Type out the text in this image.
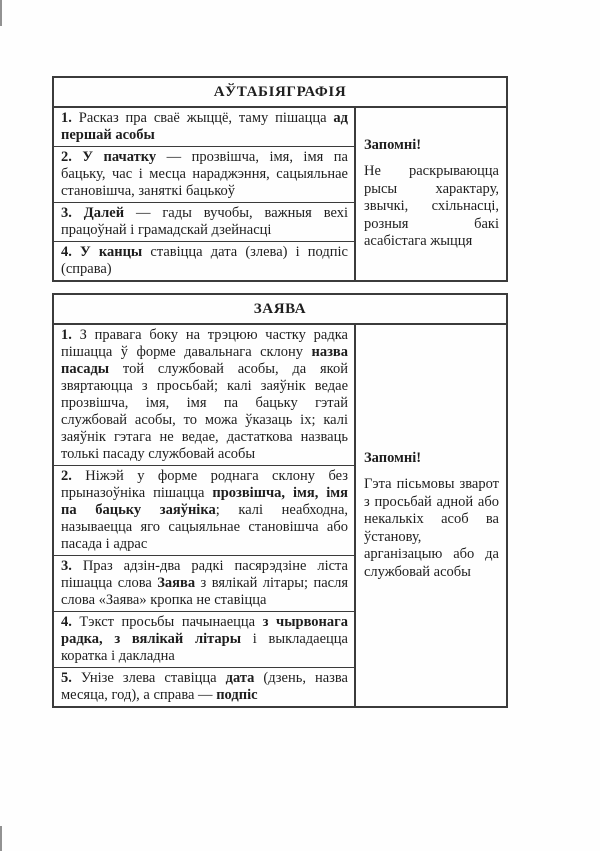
АЎТАБІЯГРАФІЯ
1. Расказ пра сваё жыццё, таму пішацца ад першай асобы
2. У пачатку — прозвішча, імя, імя па бацьку, час і месца нараджэння, сацыяльнае становішча, заняткі бацькоў
3. Далей — гады вучобы, важныя вехі працоўнай і грамадскай дзейнасці
4. У канцы ставіцца дата (злева) і подпіс (справа)
Запомні!
Не раскрываюцца рысы характару, звычкі, схільнасці, розныя бакі асабістага жыцця
ЗАЯВА
1. З правага боку на трэцюю частку радка пішацца ў форме давальнага склону назва пасады той службовай асобы, да якой звяртаюцца з просьбай; калі заяўнік ведае прозвішча, імя, імя па бацьку гэтай службовай асобы, то можа ўказаць іх; калі заяўнік гэтага не ведае, дастаткова назваць толькі пасаду службовай асобы
2. Ніжэй у форме роднага склону без прыназоўніка пішацца прозвішча, імя, імя па бацьку заяўніка; калі неабходна, называецца яго сацыяльнае становішча або пасада і адрас
3. Праз адзін-два радкі пасярэдзіне ліста пішацца слова Заява з вялікай літары; пасля слова «Заява» кропка не ставіцца
4. Тэкст просьбы пачынаецца з чырвонага радка, з вялікай літары і выкладаецца коратка і дакладна
5. Унізе злева ставіцца дата (дзень, назва месяца, год), а справа — подпіс
Запомні!
Гэта пісьмовы зварот з просьбай адной або некалькіх асоб ва ўстанову, арганізацыю або да службовай асобы
